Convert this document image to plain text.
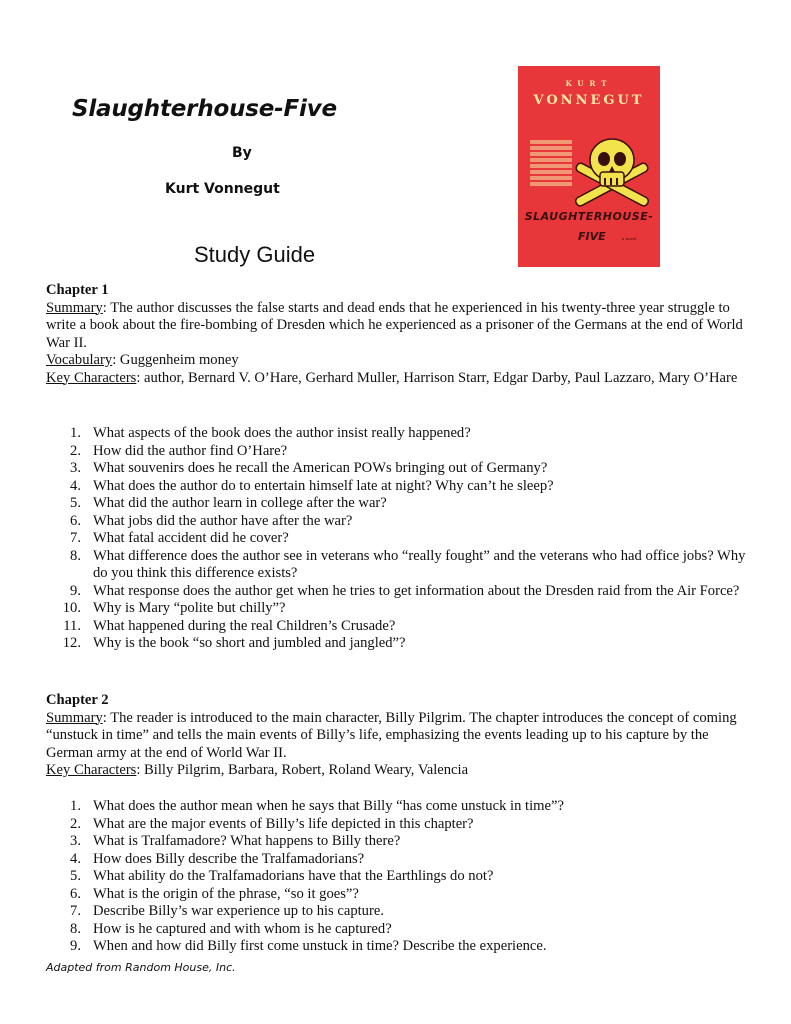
Slaughterhouse-Five
By
Kurt Vonnegut
Study Guide
KURT
VONNEGUT
SLAUGHTERHOUSE-
FIVE	a novel
Chapter 1
Summary: The author discusses the false starts and dead ends that he experienced in his twenty-three year struggle to write a book about the fire-bombing of Dresden which he experienced as a prisoner of the Germans at the end of World War II.
Vocabulary: Guggenheim money
Key Characters: author, Bernard V. O’Hare, Gerhard Muller, Harrison Starr, Edgar Darby, Paul Lazzaro, Mary O’Hare
1. What aspects of the book does the author insist really happened?
2. How did the author find O’Hare?
3. What souvenirs does he recall the American POWs bringing out of Germany?
4. What does the author do to entertain himself late at night? Why can’t he sleep?
5. What did the author learn in college after the war?
6. What jobs did the author have after the war?
7. What fatal accident did he cover?
8. What difference does the author see in veterans who “really fought” and the veterans who had office jobs? Why do you think this difference exists?
9. What response does the author get when he tries to get information about the Dresden raid from the Air Force?
10. Why is Mary “polite but chilly”?
11. What happened during the real Children’s Crusade?
12. Why is the book “so short and jumbled and jangled”?
Chapter 2
Summary: The reader is introduced to the main character, Billy Pilgrim. The chapter introduces the concept of coming “unstuck in time” and tells the main events of Billy’s life, emphasizing the events leading up to his capture by the German army at the end of World War II.
Key Characters: Billy Pilgrim, Barbara, Robert, Roland Weary, Valencia
1. What does the author mean when he says that Billy “has come unstuck in time”?
2. What are the major events of Billy’s life depicted in this chapter?
3. What is Tralfamadore? What happens to Billy there?
4. How does Billy describe the Tralfamadorians?
5. What ability do the Tralfamadorians have that the Earthlings do not?
6. What is the origin of the phrase, “so it goes”?
7. Describe Billy’s war experience up to his capture.
8. How is he captured and with whom is he captured?
9. When and how did Billy first come unstuck in time? Describe the experience.
Adapted from Random House, Inc.
